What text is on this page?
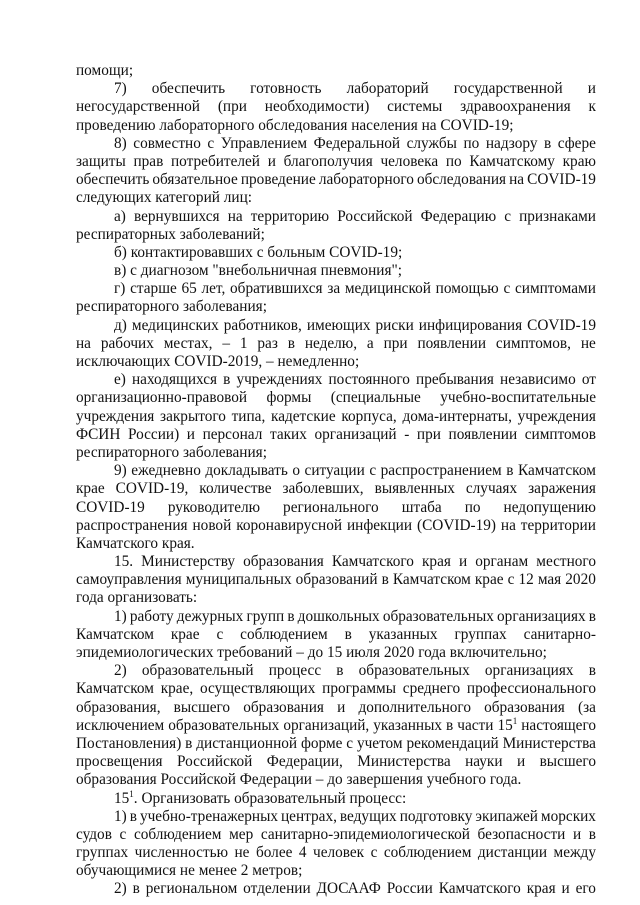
помощи;
7) обеспечить готовность лабораторий государственной и
негосударственной (при необходимости) системы здравоохранения к
проведению лабораторного обследования населения на COVID-19;
8) совместно с Управлением Федеральной службы по надзору в сфере
защиты прав потребителей и благополучия человека по Камчатскому краю
обеспечить обязательное проведение лабораторного обследования на COVID-19
следующих категорий лиц:
а) вернувшихся на территорию Российской Федерацию с признаками
респираторных заболеваний;
б) контактировавших с больным COVID-19;
в) с диагнозом "внебольничная пневмония";
г) старше 65 лет, обратившихся за медицинской помощью с симптомами
респираторного заболевания;
д) медицинских работников, имеющих риски инфицирования COVID-19
на рабочих местах, – 1 раз в неделю, а при появлении симптомов, не
исключающих COVID-2019, – немедленно;
е) находящихся в учреждениях постоянного пребывания независимо от
организационно-правовой формы (специальные учебно-воспитательные
учреждения закрытого типа, кадетские корпуса, дома-интернаты, учреждения
ФСИН России) и персонал таких организаций - при появлении симптомов
респираторного заболевания;
9) ежедневно докладывать о ситуации с распространением в Камчатском
крае COVID-19, количестве заболевших, выявленных случаях заражения
COVID-19 руководителю регионального штаба по недопущению
распространения новой коронавирусной инфекции (COVID-19) на территории
Камчатского края.
15. Министерству образования Камчатского края и органам местного
самоуправления муниципальных образований в Камчатском крае с 12 мая 2020
года организовать:
1) работу дежурных групп в дошкольных образовательных организациях в
Камчатском крае с соблюдением в указанных группах санитарно-
эпидемиологических требований – до 15 июля 2020 года включительно;
2) образовательный процесс в образовательных организациях в
Камчатском крае, осуществляющих программы среднего профессионального
образования, высшего образования и дополнительного образования (за
исключением образовательных организаций, указанных в части $15^1$ настоящего
Постановления) в дистанционной форме с учетом рекомендаций Министерства
просвещения Российской Федерации, Министерства науки и высшего
образования Российской Федерации – до завершения учебного года.
$15^1$. Организовать образовательный процесс:
1) в учебно-тренажерных центрах, ведущих подготовку экипажей морских
судов с соблюдением мер санитарно-эпидемиологической безопасности и в
группах численностью не более 4 человек с соблюдением дистанции между
обучающимися не менее 2 метров;
2) в региональном отделении ДОСААФ России Камчатского края и его
